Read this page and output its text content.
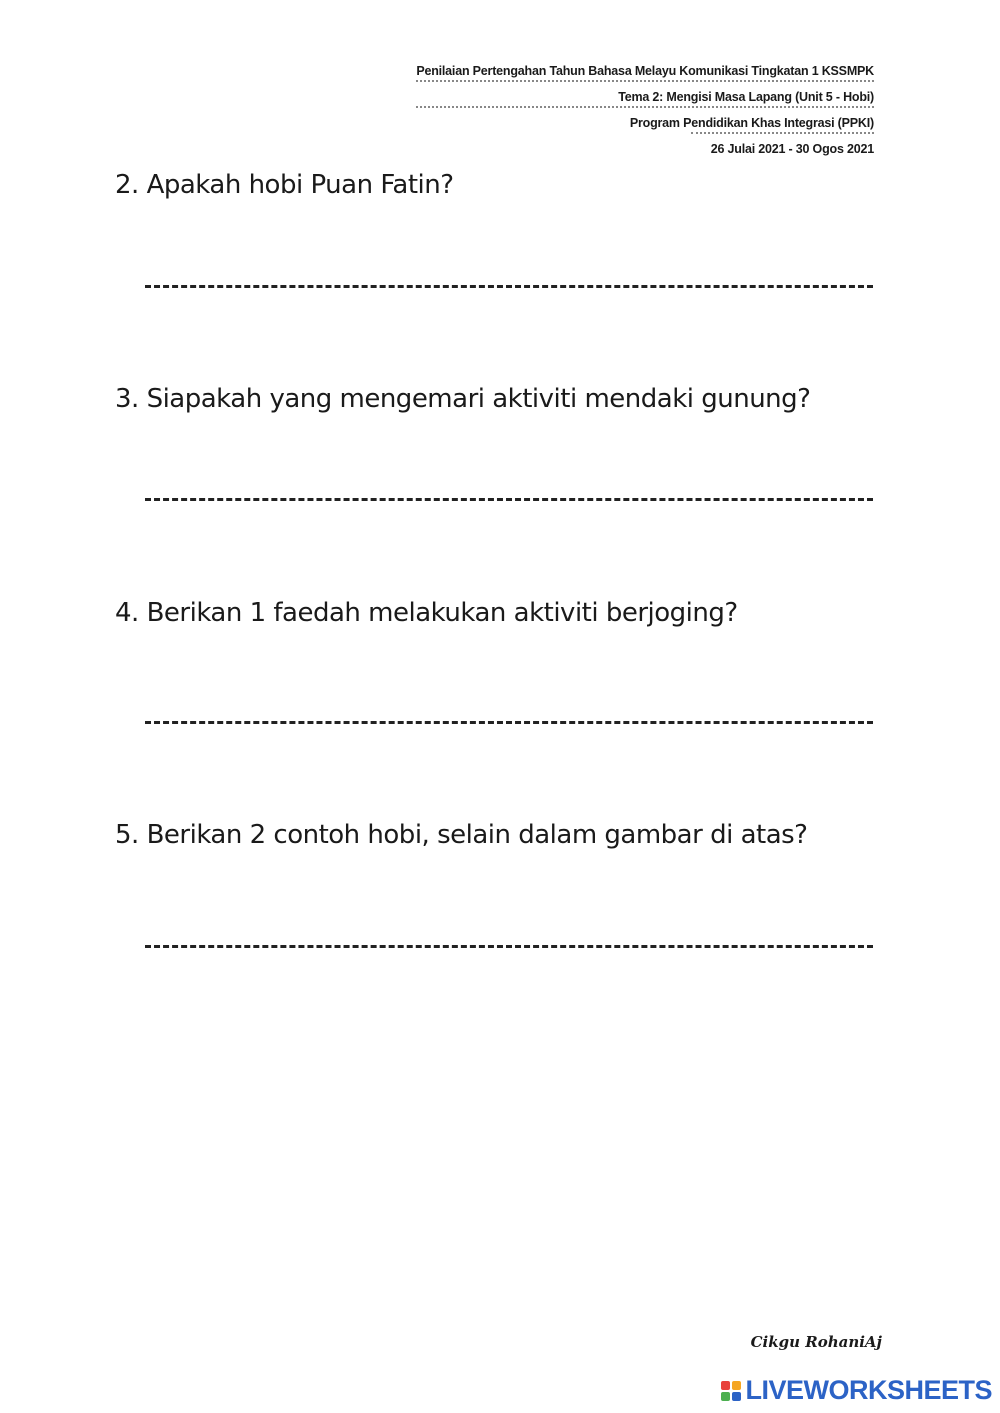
Penilaian Pertengahan Tahun Bahasa Melayu Komunikasi Tingkatan 1 KSSMPK
Tema 2: Mengisi Masa Lapang (Unit 5 - Hobi)
Program Pendidikan Khas Integrasi (PPKI)
26 Julai 2021 - 30 Ogos 2021
2. Apakah hobi Puan Fatin?
3. Siapakah yang mengemari aktiviti mendaki gunung?
4. Berikan 1 faedah melakukan aktiviti berjoging?
5. Berikan 2 contoh hobi, selain dalam gambar di atas?
Cikgu RohaniAj
LIVEWORKSHEETS
